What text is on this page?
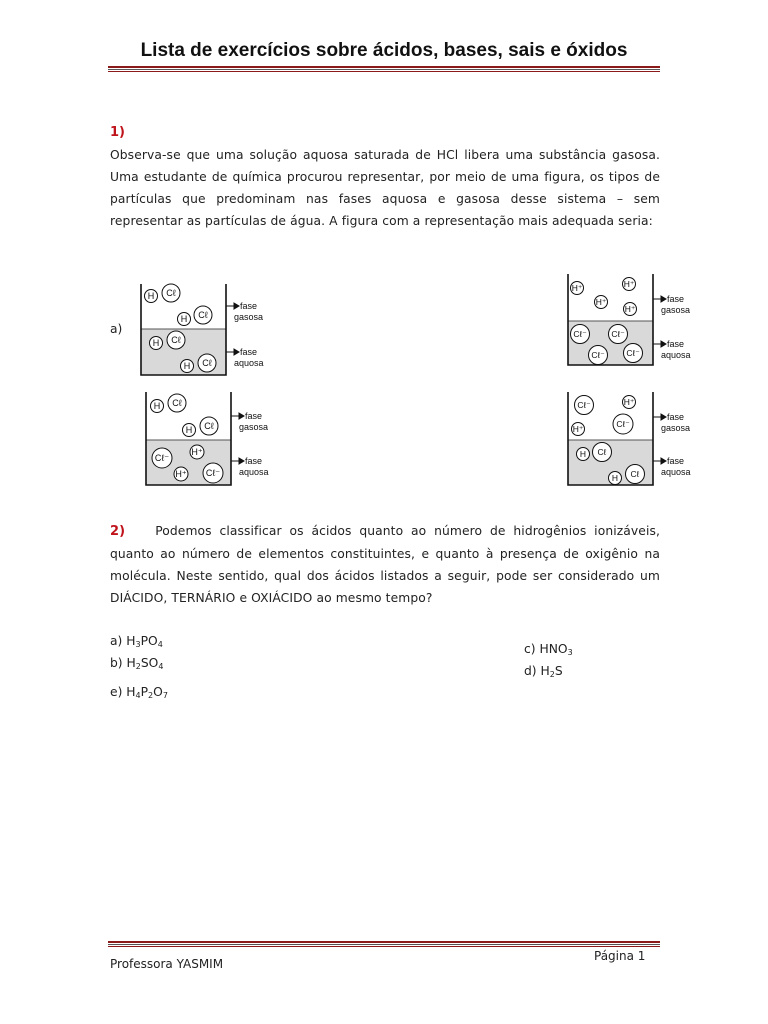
Lista de exercícios sobre ácidos, bases, sais e óxidos
1)
Observa-se que uma solução aquosa saturada de HCl libera uma substância gasosa. Uma estudante de química procurou representar, por meio de uma figura, os tipos de partículas que predominam nas fases aquosa e gasosa desse sistema – sem representar as partículas de água. A figura com a representação mais adequada seria:
a)
H Cℓ
H Cℓ
H Cℓ
H Cℓ
fase
gasosa
fase
aquosa
H⁺	H⁺
H⁺
H⁺
Cℓ⁻	Cℓ⁻
Cℓ⁻	Cℓ⁻
fase
gasosa
fase
aquosa
H Cℓ
H Cℓ
Cℓ⁻
H⁺
H⁺ Cℓ⁻
fase
gasosa
fase
aquosa
Cℓ⁻	H⁺
Cℓ⁻
H⁺
H Cℓ
H Cℓ
fase
gasosa
fase
aquosa
2) Podemos classificar os ácidos quanto ao número de hidrogênios ionizáveis, quanto ao número de elementos constituintes, e quanto à presença de oxigênio na molécula. Neste sentido, qual dos ácidos listados a seguir, pode ser considerado um DIÁCIDO, TERNÁRIO e OXIÁCIDO ao mesmo tempo?
a) $H_3PO_4$
b) $H_2SO_4$
e) $H_4P_2O_7$
c) $HNO_3$
d) $H_2S$
Professora YASMIM
Página 1
